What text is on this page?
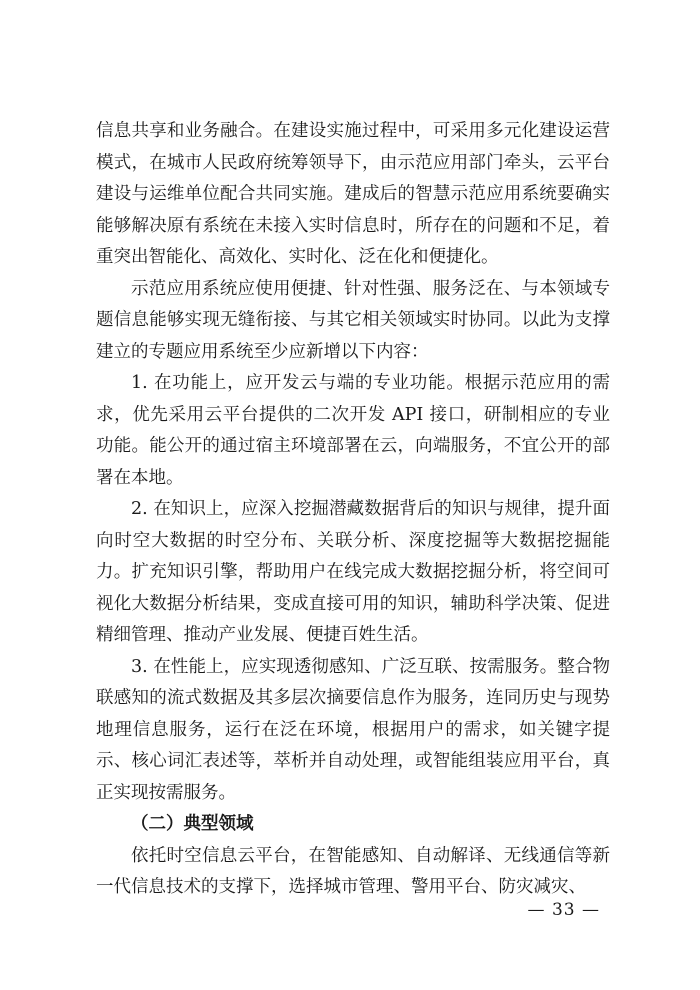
信息共享和业务融合。在建设实施过程中，可采用多元化建设运营模式，在城市人民政府统筹领导下，由示范应用部门牵头，云平台建设与运维单位配合共同实施。建成后的智慧示范应用系统要确实能够解决原有系统在未接入实时信息时，所存在的问题和不足，着重突出智能化、高效化、实时化、泛在化和便捷化。

示范应用系统应使用便捷、针对性强、服务泛在、与本领域专题信息能够实现无缝衔接、与其它相关领域实时协同。以此为支撑建立的专题应用系统至少应新增以下内容：

1. 在功能上，应开发云与端的专业功能。根据示范应用的需求，优先采用云平台提供的二次开发 API 接口，研制相应的专业功能。能公开的通过宿主环境部署在云，向端服务，不宜公开的部署在本地。

2. 在知识上，应深入挖掘潜藏数据背后的知识与规律，提升面向时空大数据的时空分布、关联分析、深度挖掘等大数据挖掘能力。扩充知识引擎，帮助用户在线完成大数据挖掘分析，将空间可视化大数据分析结果，变成直接可用的知识，辅助科学决策、促进精细管理、推动产业发展、便捷百姓生活。

3. 在性能上，应实现透彻感知、广泛互联、按需服务。整合物联感知的流式数据及其多层次摘要信息作为服务，连同历史与现势地理信息服务，运行在泛在环境，根据用户的需求，如关键字提示、核心词汇表述等，萃析并自动处理，或智能组装应用平台，真正实现按需服务。

（二）典型领域

依托时空信息云平台，在智能感知、自动解译、无线通信等新一代信息技术的支撑下，选择城市管理、警用平台、防灾减灾、

— 33 —
